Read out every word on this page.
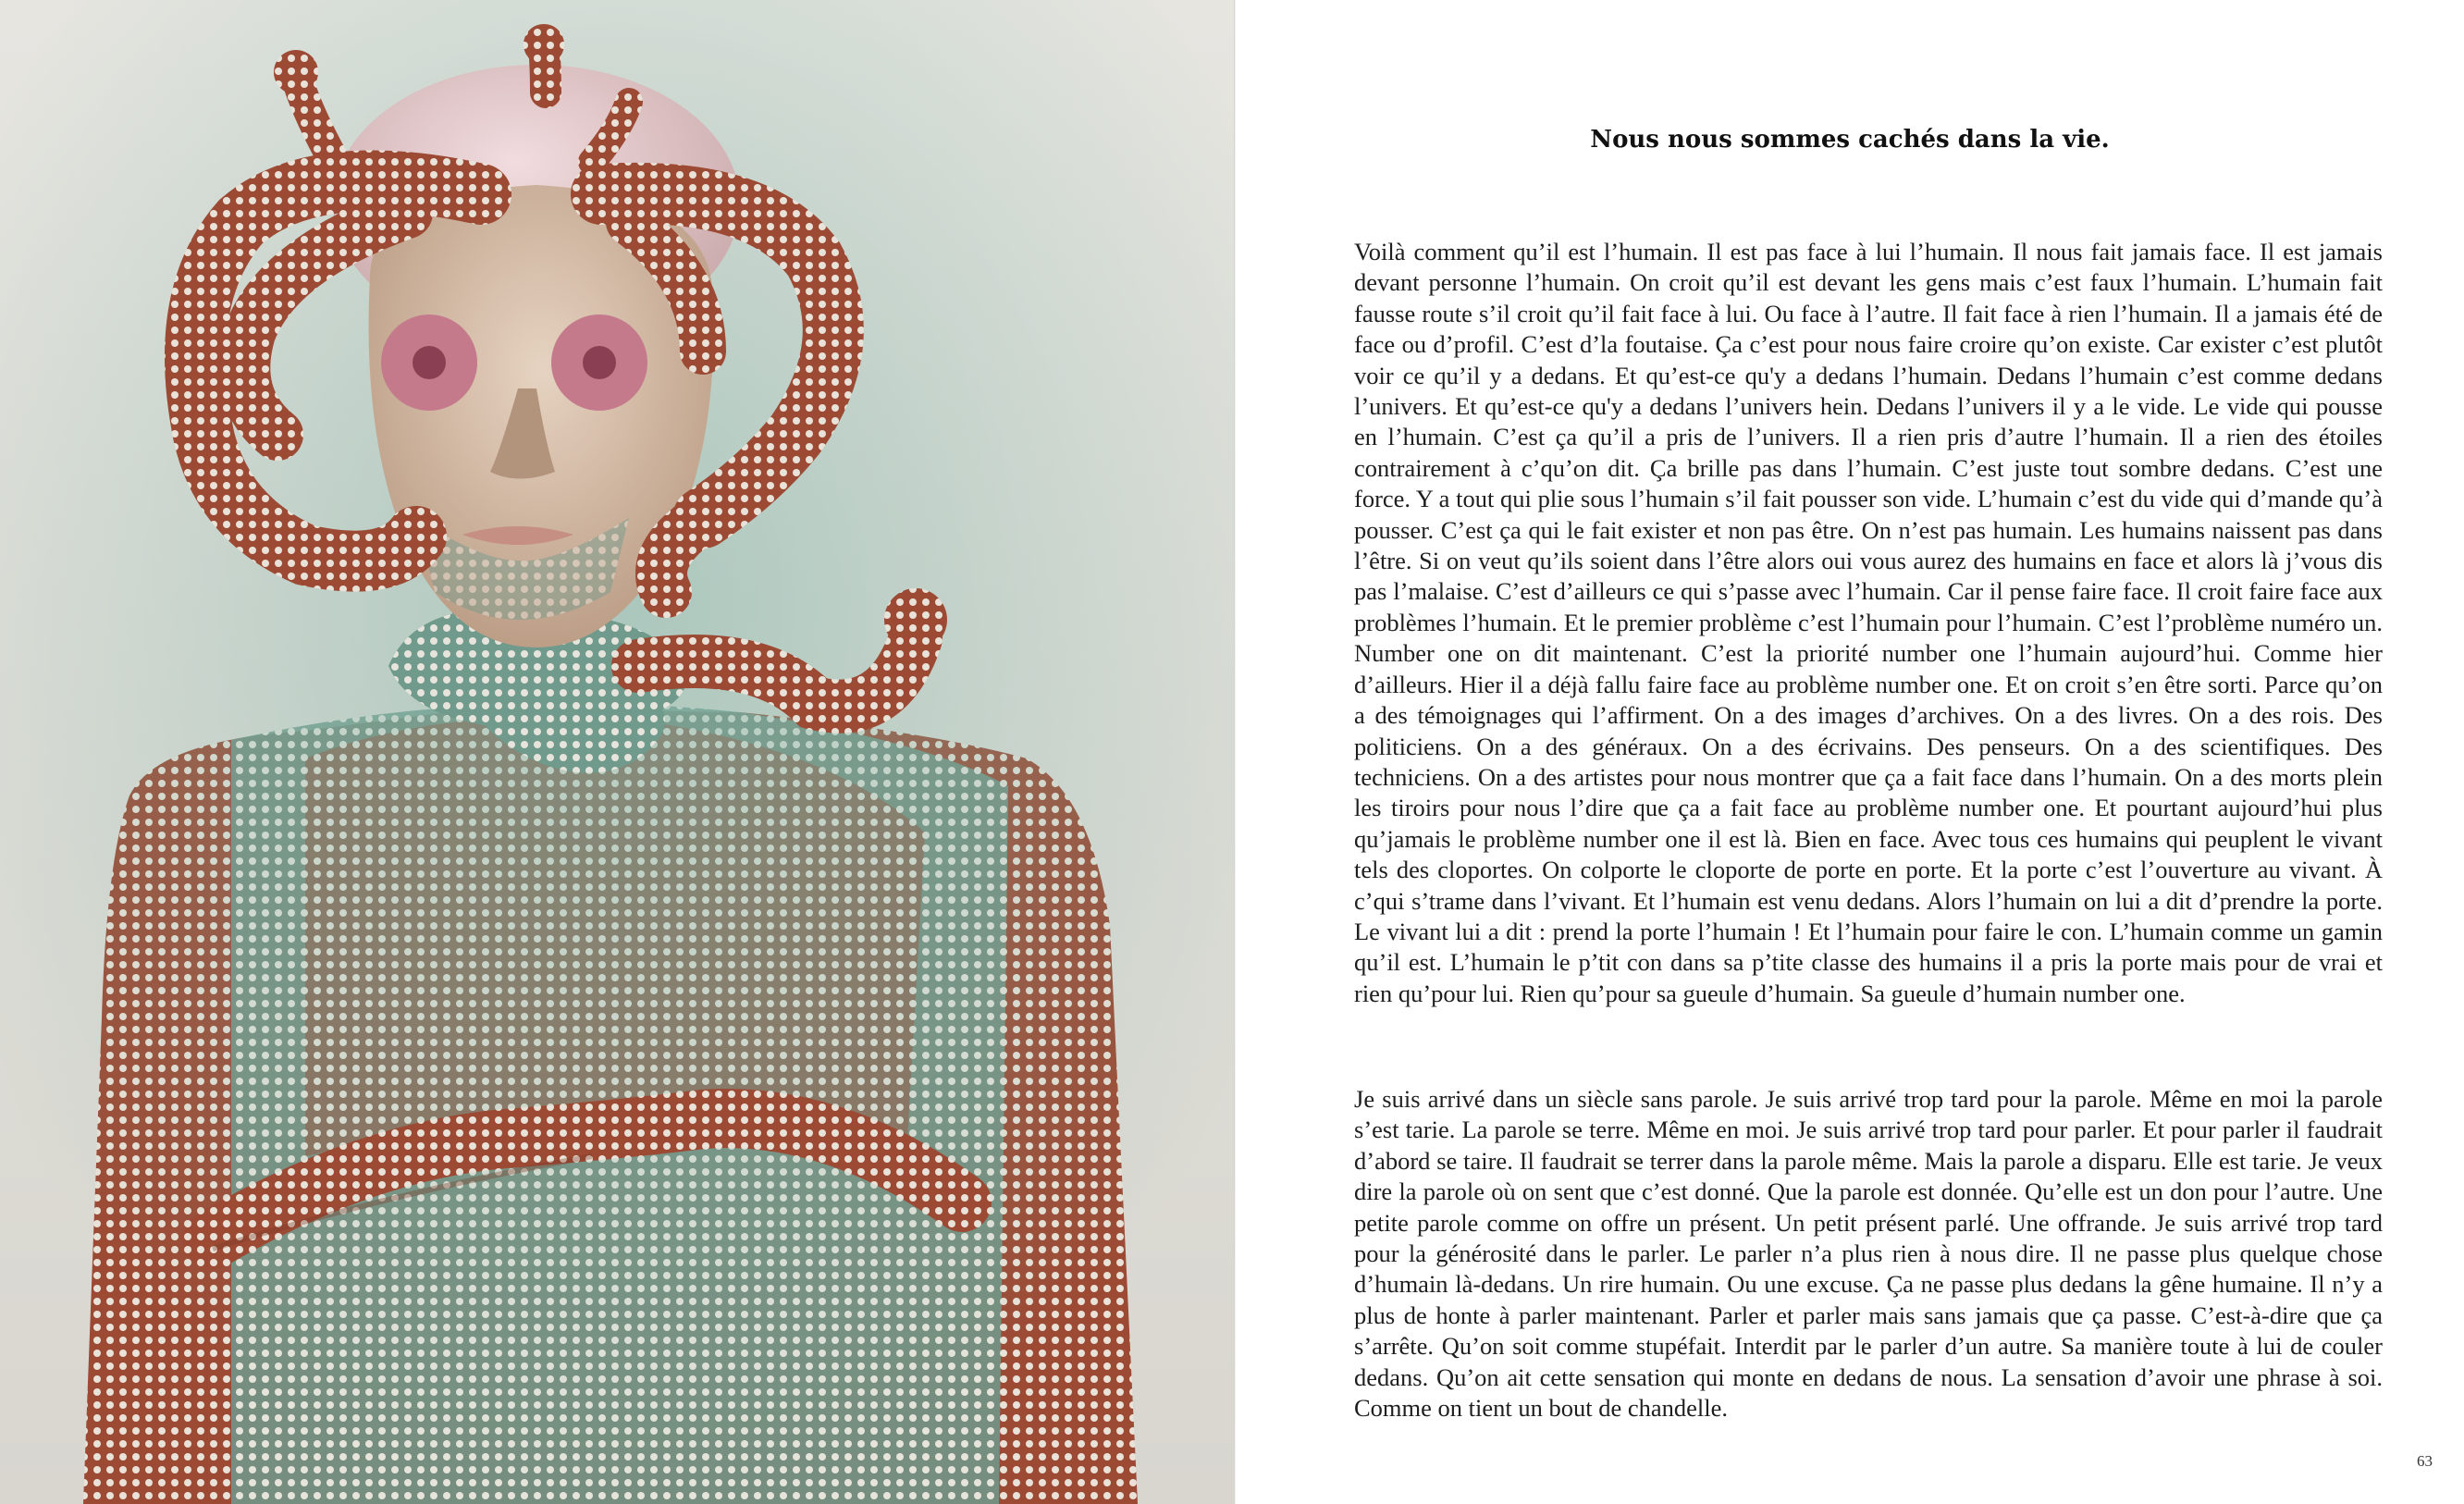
Nous nous sommes cachés dans la vie.

Voilà comment qu’il est l’humain. Il est pas face à lui l’humain. Il nous fait jamais face. Il est jamais devant personne l’humain. On croit qu’il est devant les gens mais c’est faux l’humain. L’humain fait fausse route s’il croit qu’il fait face à lui. Ou face à l’autre. Il fait face à rien l’humain. Il a jamais été de face ou d’profil. C’est d’la foutaise. Ça c’est pour nous faire croire qu’on existe. Car exister c’est plutôt voir ce qu’il y a dedans. Et qu’est-ce qu'y a dedans l’humain. Dedans l’humain c’est comme dedans l’univers. Et qu’est-ce qu'y a dedans l’univers hein. Dedans l’univers il y a le vide. Le vide qui pousse en l’humain. C’est ça qu’il a pris de l’univers. Il a rien pris d’autre l’humain. Il a rien des étoiles contrairement à c’qu’on dit. Ça brille pas dans l’humain. C’est juste tout sombre dedans. C’est une force. Y a tout qui plie sous l’humain s’il fait pousser son vide. L’humain c’est du vide qui d’mande qu’à pousser. C’est ça qui le fait exister et non pas être. On n’est pas humain. Les humains naissent pas dans l’être. Si on veut qu’ils soient dans l’être alors oui vous aurez des humains en face et alors là j’vous dis pas l’malaise. C’est d’ailleurs ce qui s’passe avec l’humain. Car il pense faire face. Il croit faire face aux problèmes l’humain. Et le premier problème c’est l’humain pour l’humain. C’est l’problème numéro un. Number one on dit maintenant. C’est la priorité number one l’humain aujourd’hui. Comme hier d’ailleurs. Hier il a déjà fallu faire face au problème number one. Et on croit s’en être sorti. Parce qu’on a des témoignages qui l’affirment. On a des images d’archives. On a des livres. On a des rois. Des politiciens. On a des généraux. On a des écrivains. Des penseurs. On a des scientifiques. Des techniciens. On a des artistes pour nous montrer que ça a fait face dans l’humain. On a des morts plein les tiroirs pour nous l’dire que ça a fait face au problème number one. Et pourtant aujourd’hui plus qu’jamais le problème number one il est là. Bien en face. Avec tous ces humains qui peuplent le vivant tels des cloportes. On colporte le cloporte de porte en porte. Et la porte c’est l’ouverture au vivant. À c’qui s’trame dans l’vivant. Et l’humain est venu dedans. Alors l’humain on lui a dit d’prendre la porte. Le vivant lui a dit : prend la porte l’humain ! Et l’humain pour faire le con. L’humain comme un gamin qu’il est. L’humain le p’tit con dans sa p’tite classe des humains il a pris la porte mais pour de vrai et rien qu’pour lui. Rien qu’pour sa gueule d’humain. Sa gueule d’humain number one.

Je suis arrivé dans un siècle sans parole. Je suis arrivé trop tard pour la parole. Même en moi la parole s’est tarie. La parole se terre. Même en moi. Je suis arrivé trop tard pour parler. Et pour parler il faudrait d’abord se taire. Il faudrait se terrer dans la parole même. Mais la parole a disparu. Elle est tarie. Je veux dire la parole où on sent que c’est donné. Que la parole est donnée. Qu’elle est un don pour l’autre. Une petite parole comme on offre un présent. Un petit présent parlé. Une offrande. Je suis arrivé trop tard pour la générosité dans le parler. Le parler n’a plus rien à nous dire. Il ne passe plus quelque chose d’humain là-dedans. Un rire humain. Ou une excuse. Ça ne passe plus dedans la gêne humaine. Il n’y a plus de honte à parler maintenant. Parler et parler mais sans jamais que ça passe. C’est-à-dire que ça s’arrête. Qu’on soit comme stupéfait. Interdit par le parler d’un autre. Sa manière toute à lui de couler dedans. Qu’on ait cette sensation qui monte en dedans de nous. La sensation d’avoir une phrase à soi. Comme on tient un bout de chandelle.

63
